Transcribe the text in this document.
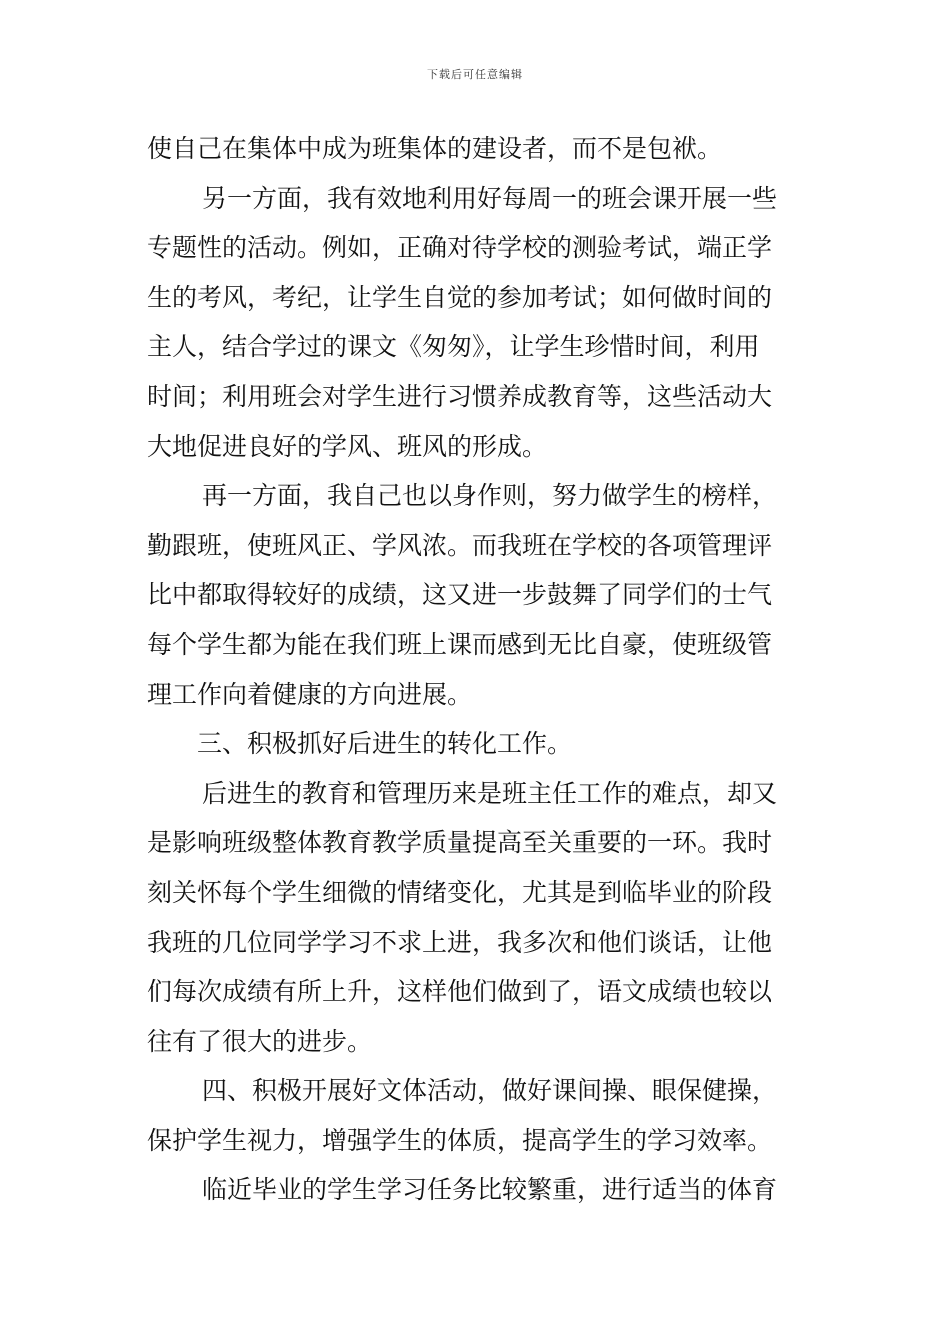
下载后可任意编辑
使自己在集体中成为班集体的建设者，而不是包袱。
另一方面，我有效地利用好每周一的班会课开展一些
专题性的活动。例如，正确对待学校的测验考试，端正学
生的考风，考纪，让学生自觉的参加考试；如何做时间的
主人，结合学过的课文《匆匆》，让学生珍惜时间，利用
时间；利用班会对学生进行习惯养成教育等，这些活动大
大地促进良好的学风、班风的形成。
再一方面，我自己也以身作则，努力做学生的榜样，
勤跟班，使班风正、学风浓。而我班在学校的各项管理评
比中都取得较好的成绩，这又进一步鼓舞了同学们的士气
每个学生都为能在我们班上课而感到无比自豪，使班级管
理工作向着健康的方向进展。
三、积极抓好后进生的转化工作。
后进生的教育和管理历来是班主任工作的难点，却又
是影响班级整体教育教学质量提高至关重要的一环。我时
刻关怀每个学生细微的情绪变化，尤其是到临毕业的阶段
我班的几位同学学习不求上进，我多次和他们谈话，让他
们每次成绩有所上升，这样他们做到了，语文成绩也较以
往有了很大的进步。
四、积极开展好文体活动，做好课间操、眼保健操，
保护学生视力，增强学生的体质，提高学生的学习效率。
临近毕业的学生学习任务比较繁重，进行适当的体育
